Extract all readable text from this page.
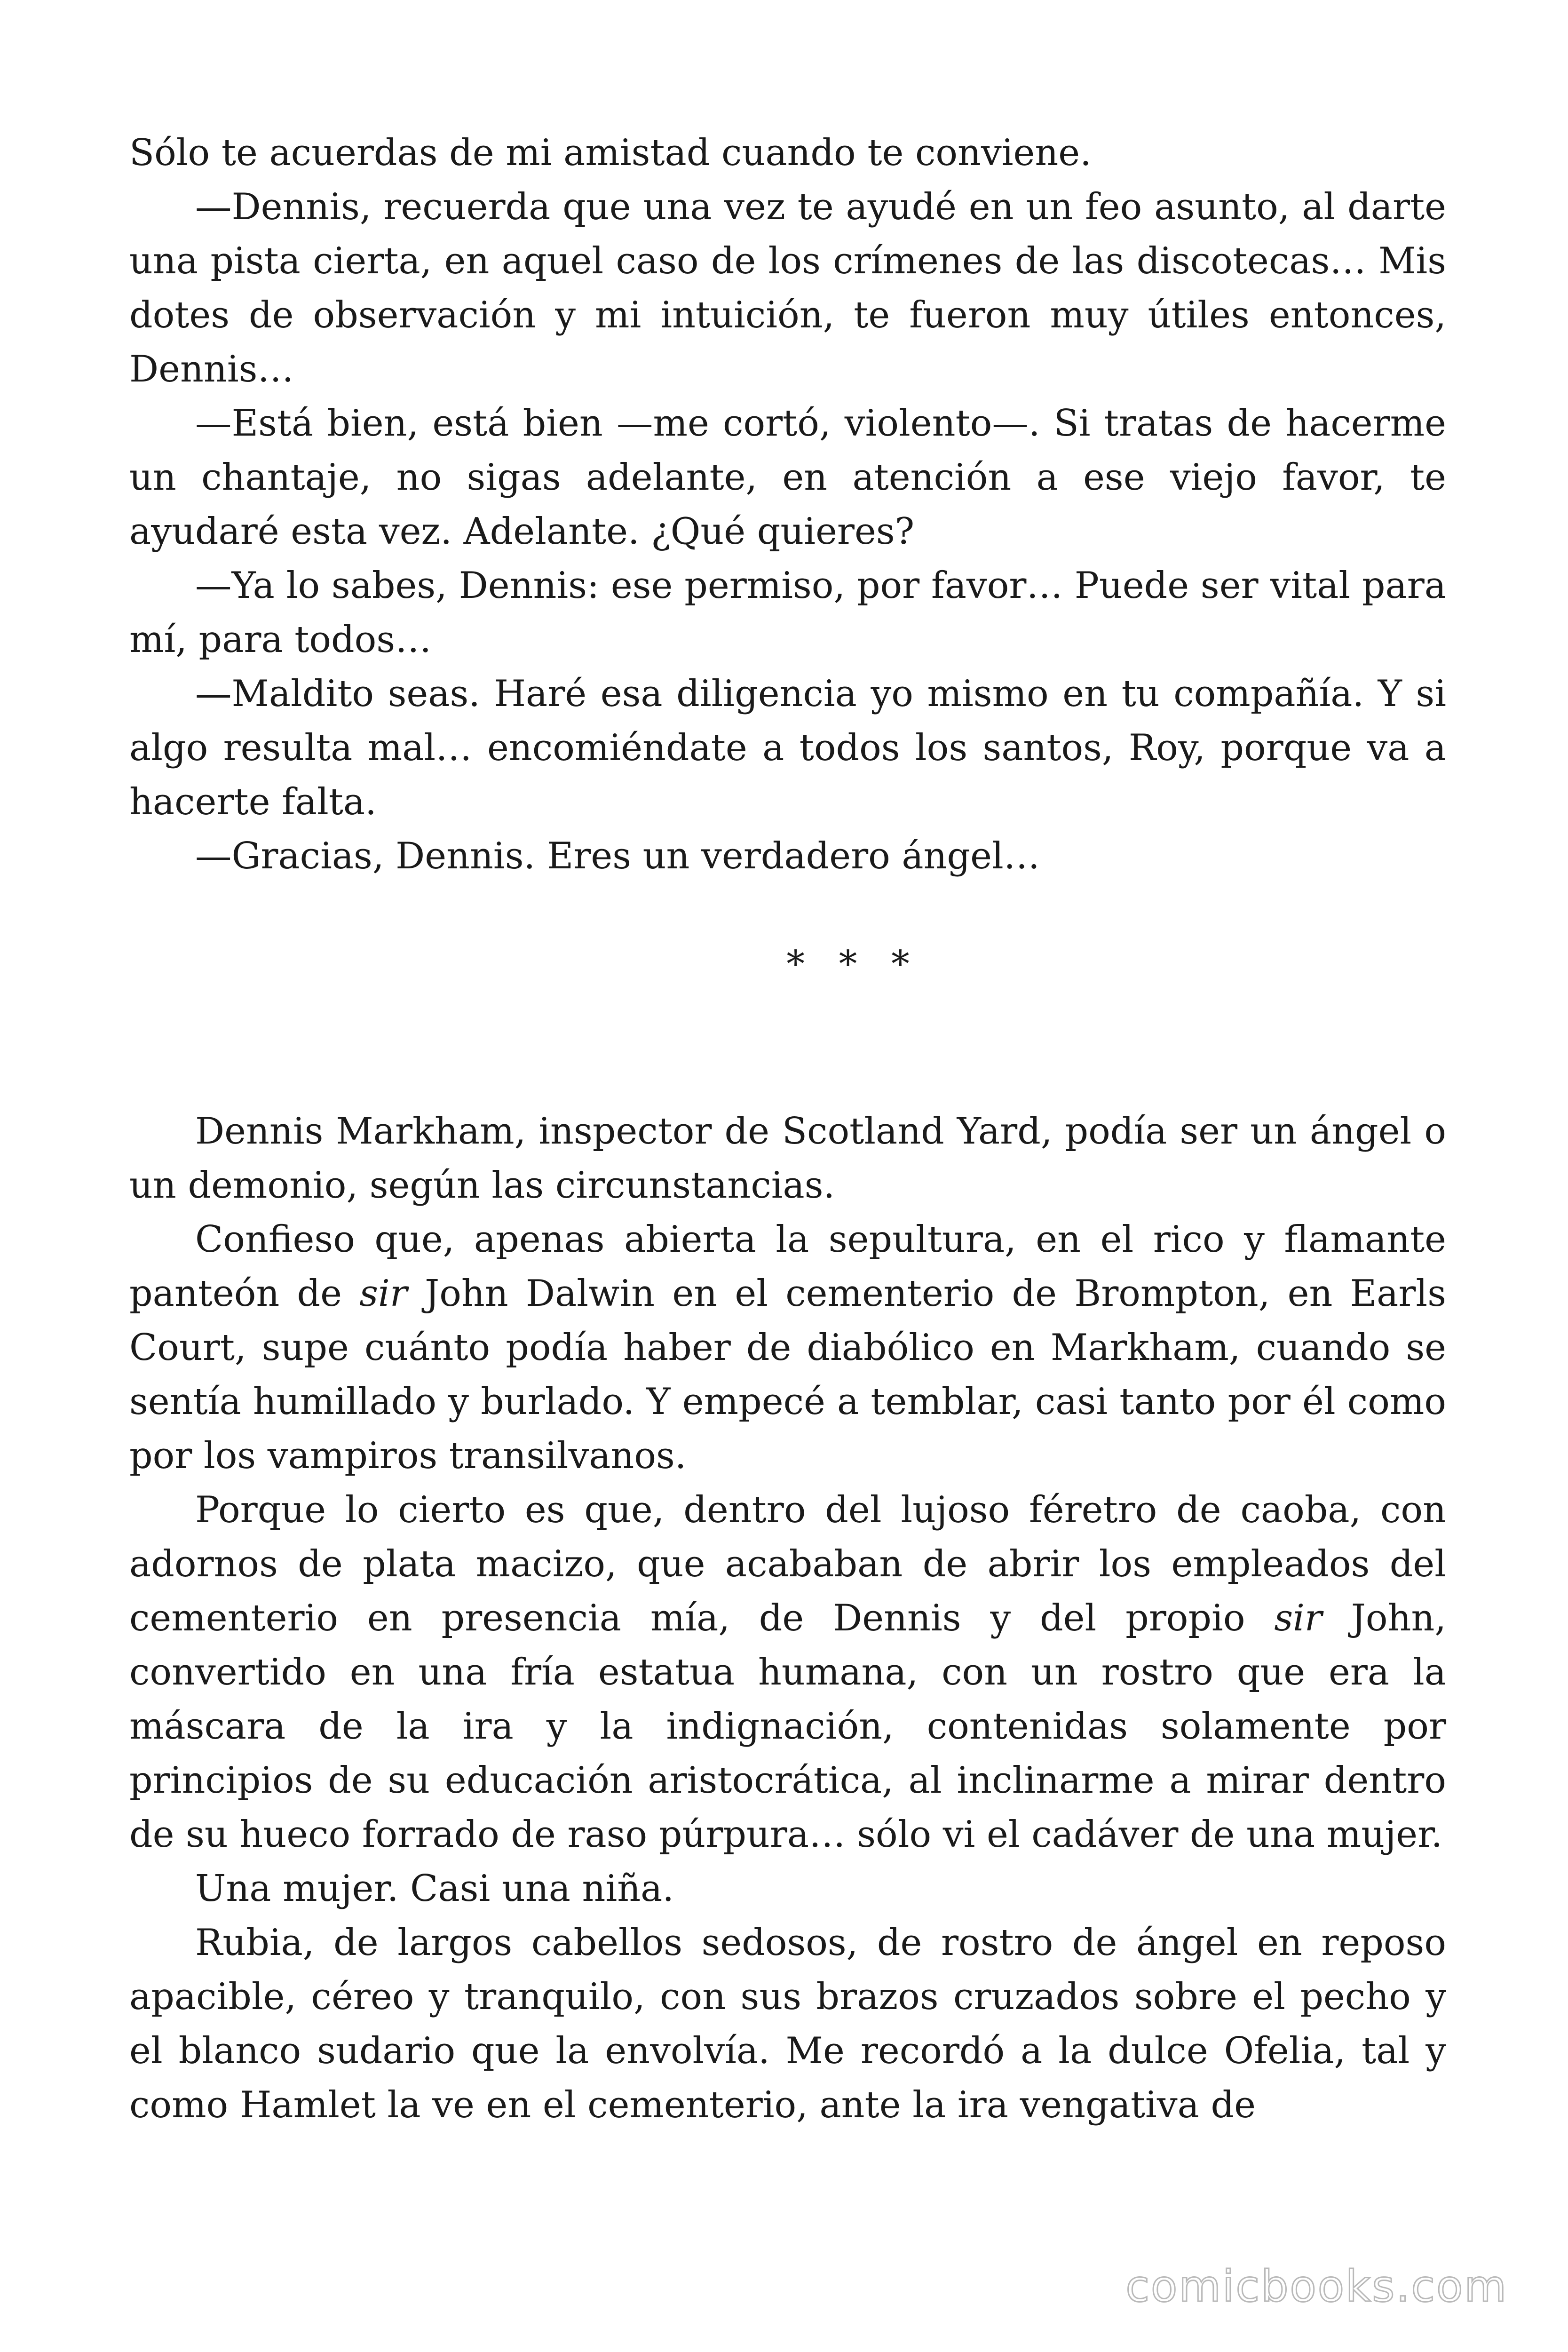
Sólo te acuerdas de mi amistad cuando te conviene.

—Dennis, recuerda que una vez te ayudé en un feo asunto, al darte una pista cierta, en aquel caso de los crímenes de las discotecas… Mis dotes de observación y mi intuición, te fueron muy útiles entonces, Dennis…

—Está bien, está bien —me cortó, violento—. Si tratas de hacerme un chantaje, no sigas adelante, en atención a ese viejo favor, te ayudaré esta vez. Adelante. ¿Qué quieres?

—Ya lo sabes, Dennis: ese permiso, por favor… Puede ser vital para mí, para todos…

—Maldito seas. Haré esa diligencia yo mismo en tu compañía. Y si algo resulta mal… encomiéndate a todos los santos, Roy, porque va a hacerte falta.

—Gracias, Dennis. Eres un verdadero ángel…

* * *

Dennis Markham, inspector de Scotland Yard, podía ser un ángel o un demonio, según las circunstancias.

Confieso que, apenas abierta la sepultura, en el rico y flamante panteón de sir John Dalwin en el cementerio de Brompton, en Earls Court, supe cuánto podía haber de diabólico en Markham, cuando se sentía humillado y burlado. Y empecé a temblar, casi tanto por él como por los vampiros transilvanos.

Porque lo cierto es que, dentro del lujoso féretro de caoba, con adornos de plata macizo, que acababan de abrir los empleados del cementerio en presencia mía, de Dennis y del propio sir John, convertido en una fría estatua humana, con un rostro que era la máscara de la ira y la indignación, contenidas solamente por principios de su educación aristocrática, al inclinarme a mirar dentro de su hueco forrado de raso púrpura… sólo vi el cadáver de una mujer.

Una mujer. Casi una niña.

Rubia, de largos cabellos sedosos, de rostro de ángel en reposo apacible, céreo y tranquilo, con sus brazos cruzados sobre el pecho y el blanco sudario que la envolvía. Me recordó a la dulce Ofelia, tal y como Hamlet la ve en el cementerio, ante la ira vengativa de

comicbooks.com
